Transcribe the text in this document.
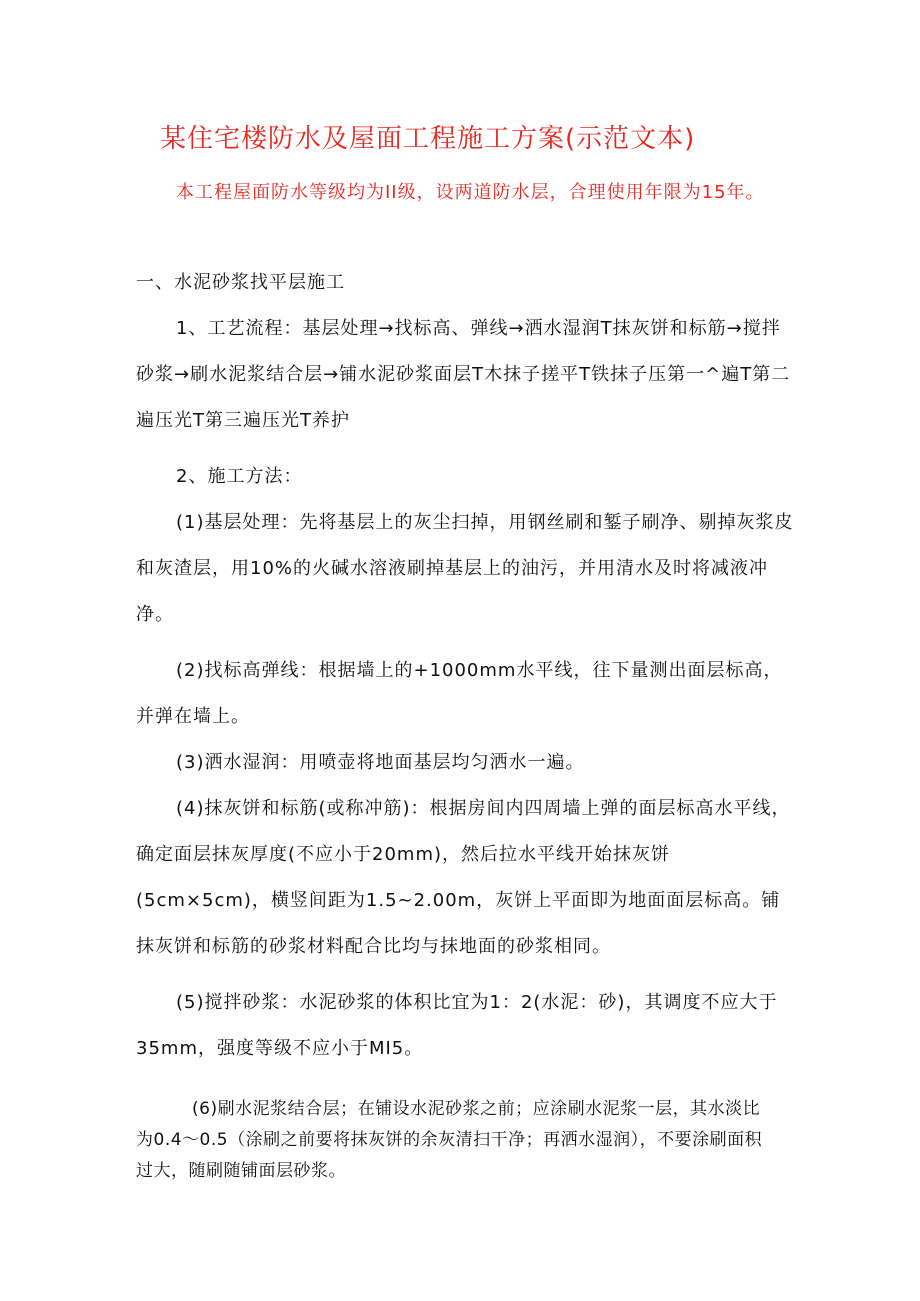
某住宅楼防水及屋面工程施工方案(示范文本)
本工程屋面防水等级均为II级，设两道防水层，合理使用年限为15年。
一、水泥砂浆找平层施工
1、工艺流程：基层处理→找标高、弹线→洒水湿润T抹灰饼和标筋→搅拌砂浆→刷水泥浆结合层→铺水泥砂浆面层T木抹子搓平T铁抹子压第一^遍T第二遍压光T第三遍压光T养护
2、施工方法：
(1)基层处理：先将基层上的灰尘扫掉，用钢丝刷和錾子刷净、剔掉灰浆皮和灰渣层，用10%的火碱水溶液刷掉基层上的油污，并用清水及时将减液冲净。
(2)找标高弹线：根据墙上的+1000mm水平线，往下量测出面层标高，并弹在墙上。
(3)洒水湿润：用喷壶将地面基层均匀洒水一遍。
(4)抹灰饼和标筋(或称冲筋)：根据房间内四周墙上弹的面层标高水平线，确定面层抹灰厚度(不应小于20mm)，然后拉水平线开始抹灰饼(5cm×5cm)，横竖间距为1.5~2.00m，灰饼上平面即为地面面层标高。铺抹灰饼和标筋的砂浆材料配合比均与抹地面的砂浆相同。
(5)搅拌砂浆：水泥砂浆的体积比宜为1：2(水泥：砂)，其调度不应大于35mm，强度等级不应小于MI5。
(6)刷水泥浆结合层；在铺设水泥砂浆之前；应涂刷水泥浆一层，其水淡比为0.4～0.5（涂刷之前要将抹灰饼的余灰清扫干净；再洒水湿润），不要涂刷面积过大，随刷随铺面层砂浆。
